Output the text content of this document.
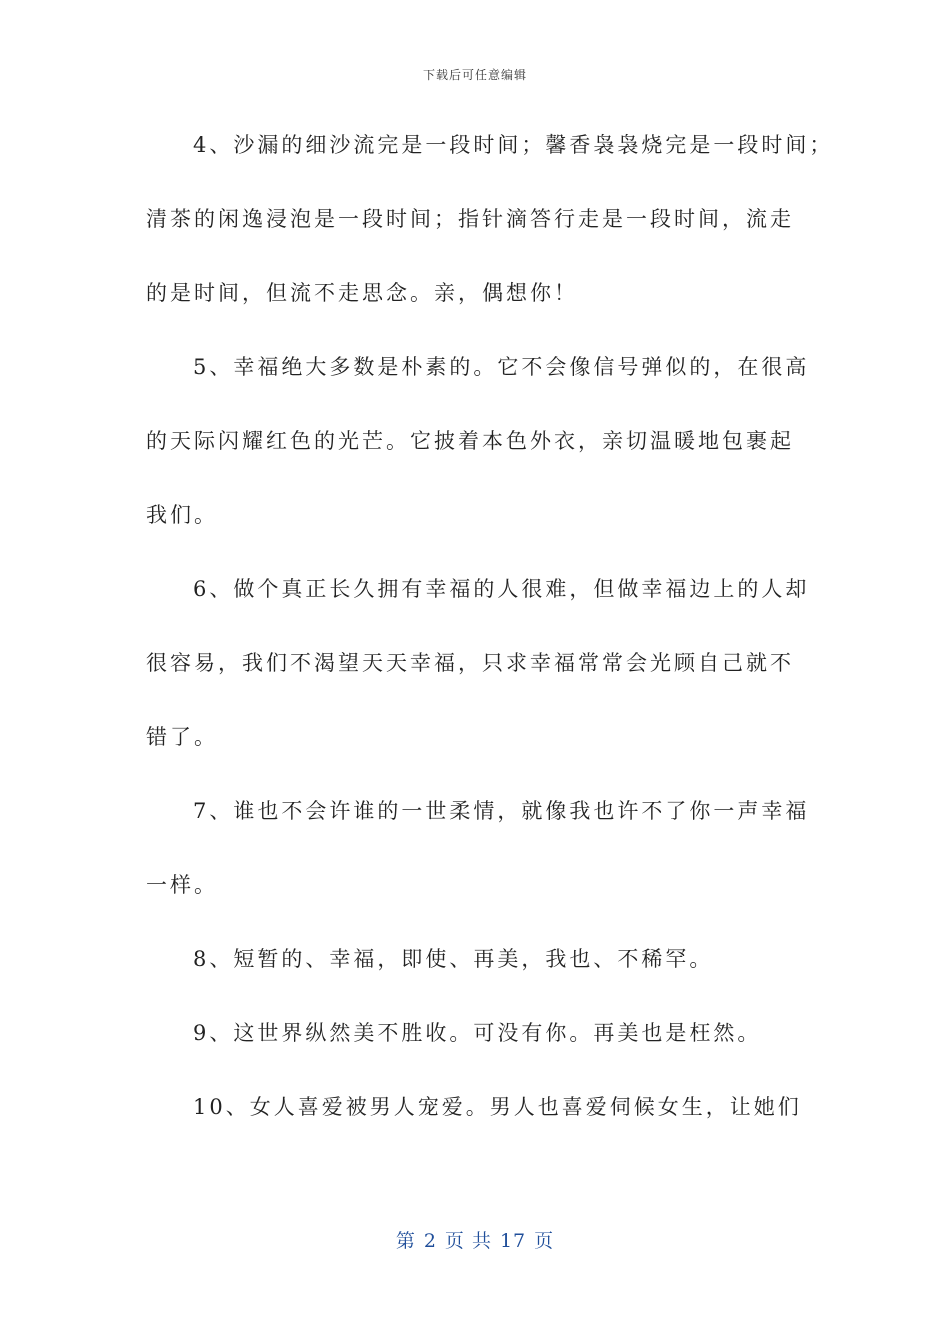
下载后可任意编辑
4、沙漏的细沙流完是一段时间；馨香袅袅烧完是一段时间；
清茶的闲逸浸泡是一段时间；指针滴答行走是一段时间，流走
的是时间，但流不走思念。亲，偶想你！
5、幸福绝大多数是朴素的。它不会像信号弹似的，在很高
的天际闪耀红色的光芒。它披着本色外衣，亲切温暖地包裹起
我们。
6、做个真正长久拥有幸福的人很难，但做幸福边上的人却
很容易，我们不渴望天天幸福，只求幸福常常会光顾自己就不
错了。
7、谁也不会许谁的一世柔情，就像我也许不了你一声幸福
一样。
8、短暂的、幸福，即使、再美，我也、不稀罕。
9、这世界纵然美不胜收。可没有你。再美也是枉然。
10、女人喜爱被男人宠爱。男人也喜爱伺候女生，让她们
第 2 页 共 17 页
